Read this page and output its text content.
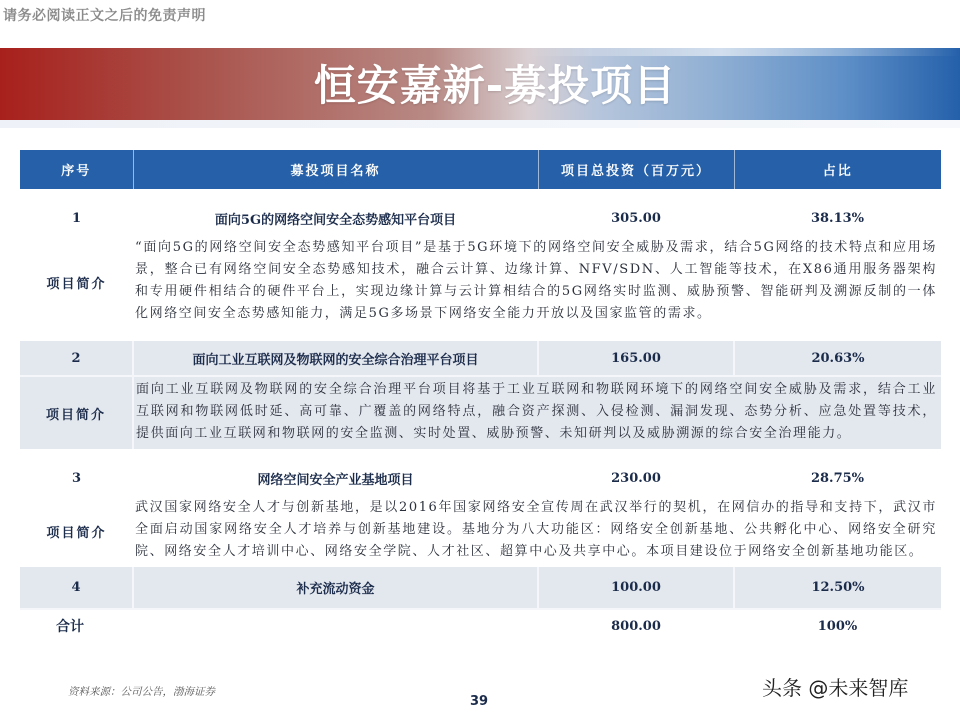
请务必阅读正文之后的免责声明
恒安嘉新-募投项目
序号	募投项目名称	项目总投资（百万元）	占比

1	面向5G的网络空间安全态势感知平台项目	305.00	38.13%
项目简介	“面向5G的网络空间安全态势感知平台项目”是基于5G环境下的网络空间安全威胁及需求，结合5G网络的技术特点和应用场景，整合已有网络空间安全态势感知技术，融合云计算、边缘计算、NFV/SDN、人工智能等技术，在X86通用服务器架构和专用硬件相结合的硬件平台上，实现边缘计算与云计算相结合的5G网络实时监测、威胁预警、智能研判及溯源反制的一体化网络空间安全态势感知能力，满足5G多场景下网络安全能力开放以及国家监管的需求。		

2	面向工业互联网及物联网的安全综合治理平台项目	165.00	20.63%
项目简介	面向工业互联网及物联网的安全综合治理平台项目将基于工业互联网和物联网环境下的网络空间安全威胁及需求，结合工业互联网和物联网低时延、高可靠、广覆盖的网络特点，融合资产探测、入侵检测、漏洞发现、态势分析、应急处置等技术，提供面向工业互联网和物联网的安全监测、实时处置、威胁预警、未知研判以及威胁溯源的综合安全治理能力。		

3	网络空间安全产业基地项目	230.00	28.75%
项目简介	武汉国家网络安全人才与创新基地，是以2016年国家网络安全宣传周在武汉举行的契机，在网信办的指导和支持下，武汉市全面启动国家网络安全人才培养与创新基地建设。基地分为八大功能区：网络安全创新基地、公共孵化中心、网络安全研究院、网络安全人才培训中心、网络安全学院、人才社区、超算中心及共享中心。本项目建设位于网络安全创新基地功能区。		
4	补充流动资金	100.00	12.50%
合计		800.00	100%
资料来源：公司公告，渤海证券
39
头条 @未来智库
